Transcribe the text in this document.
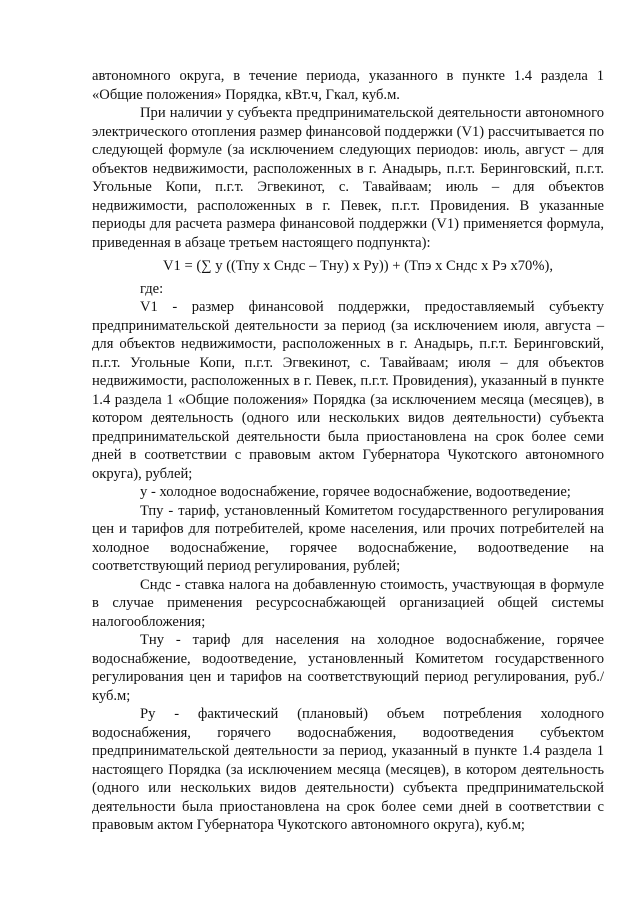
автономного округа, в течение периода, указанного в пункте 1.4 раздела 1 «Общие положения» Порядка, кВт.ч, Гкал, куб.м.

При наличии у субъекта предпринимательской деятельности автономного электрического отопления размер финансовой поддержки (V1) рассчитывается по следующей формуле (за исключением следующих периодов: июль, август – для объектов недвижимости, расположенных в г. Анадырь, п.г.т. Беринговский, п.г.т. Угольные Копи, п.г.т. Эгвекинот, с. Тавайваам; июль – для объектов недвижимости, расположенных в г. Певек, п.г.т. Провидения. В указанные периоды для расчета размера финансовой поддержки (V1) применяется формула, приведенная в абзаце третьем настоящего подпункта):

V1 = (∑ у ((Тпу х Сндс – Тну) х Ру)) + (Тпэ х Сндс х Рэ х70%),

где:

V1 - размер финансовой поддержки, предоставляемый субъекту предпринимательской деятельности за период (за исключением июля, августа – для объектов недвижимости, расположенных в г. Анадырь, п.г.т. Беринговский, п.г.т. Угольные Копи, п.г.т. Эгвекинот, с. Тавайваам; июля – для объектов недвижимости, расположенных в г. Певек, п.г.т. Провидения), указанный в пункте 1.4 раздела 1 «Общие положения» Порядка (за исключением месяца (месяцев), в котором деятельность (одного или нескольких видов деятельности) субъекта предпринимательской деятельности была приостановлена на срок более семи дней в соответствии с правовым актом Губернатора Чукотского автономного округа), рублей;

у - холодное водоснабжение, горячее водоснабжение, водоотведение;

Тпу - тариф, установленный Комитетом государственного регулирования цен и тарифов для потребителей, кроме населения, или прочих потребителей на холодное водоснабжение, горячее водоснабжение, водоотведение на соответствующий период регулирования, рублей;

Сндс - ставка налога на добавленную стоимость, участвующая в формуле в случае применения ресурсоснабжающей организацией общей системы налогообложения;

Тну - тариф для населения на холодное водоснабжение, горячее водоснабжение, водоотведение, установленный Комитетом государственного регулирования цен и тарифов на соответствующий период регулирования, руб./куб.м;

Ру - фактический (плановый) объем потребления холодного водоснабжения, горячего водоснабжения, водоотведения субъектом предпринимательской деятельности за период, указанный в пункте 1.4 раздела 1 настоящего Порядка (за исключением месяца (месяцев), в котором деятельность (одного или нескольких видов деятельности) субъекта предпринимательской деятельности была приостановлена на срок более семи дней в соответствии с правовым актом Губернатора Чукотского автономного округа), куб.м;
